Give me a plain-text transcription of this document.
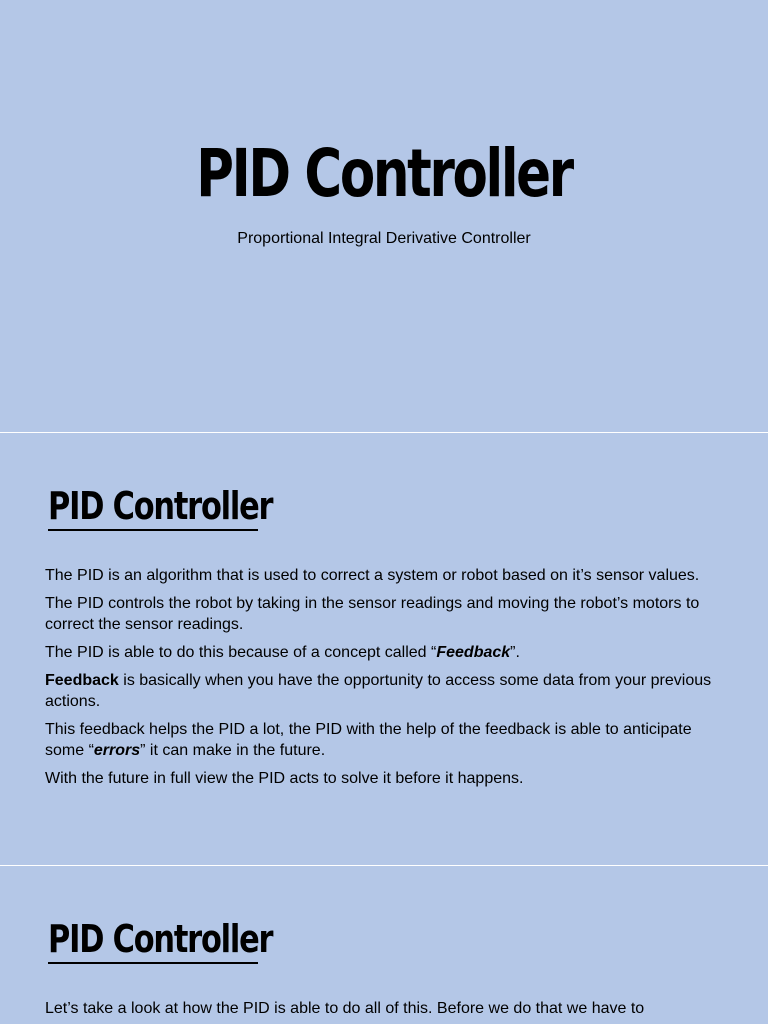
PID Controller
Proportional Integral Derivative Controller
PID Controller

The PID is an algorithm that is used to correct a system or robot based on it’s sensor values.

The PID controls the robot by taking in the sensor readings and moving the robot’s motors to correct the sensor readings.

The PID is able to do this because of a concept called “Feedback”.

Feedback is basically when you have the opportunity to access some data from your previous actions.

This feedback helps the PID a lot, the PID with the help of the feedback is able to anticipate some “errors” it can make in the future.

With the future in full view the PID acts to solve it before it happens.

PID Controller

Let’s take a look at how the PID is able to do all of this. Before we do that we have to
